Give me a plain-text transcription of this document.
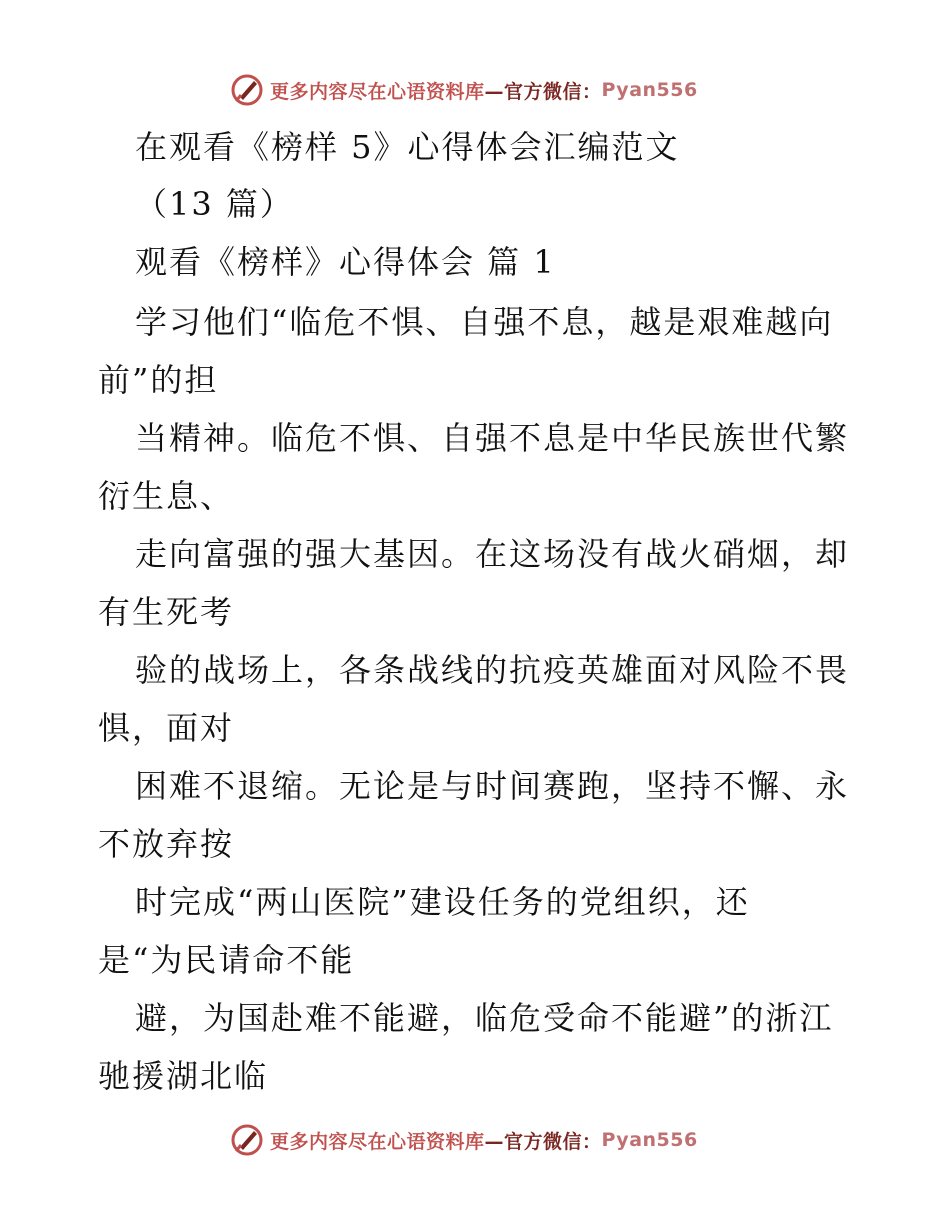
更多内容尽在心语资料库 —官方微信： Pyan556
在观看《榜样 5》心得体会汇编范文
（13 篇）
观看《榜样》心得体会 篇 1
学习他们“临危不惧、自强不息，越是艰难越向
前”的担
当精神。临危不惧、自强不息是中华民族世代繁
衍生息、
走向富强的强大基因。在这场没有战火硝烟，却
有生死考
验的战场上，各条战线的抗疫英雄面对风险不畏
惧，面对
困难不退缩。无论是与时间赛跑，坚持不懈、永
不放弃按
时完成“两山医院”建设任务的党组织，还
是“为民请命不能
避，为国赴难不能避，临危受命不能避”的浙江
驰援湖北临
更多内容尽在心语资料库 —官方微信： Pyan556
